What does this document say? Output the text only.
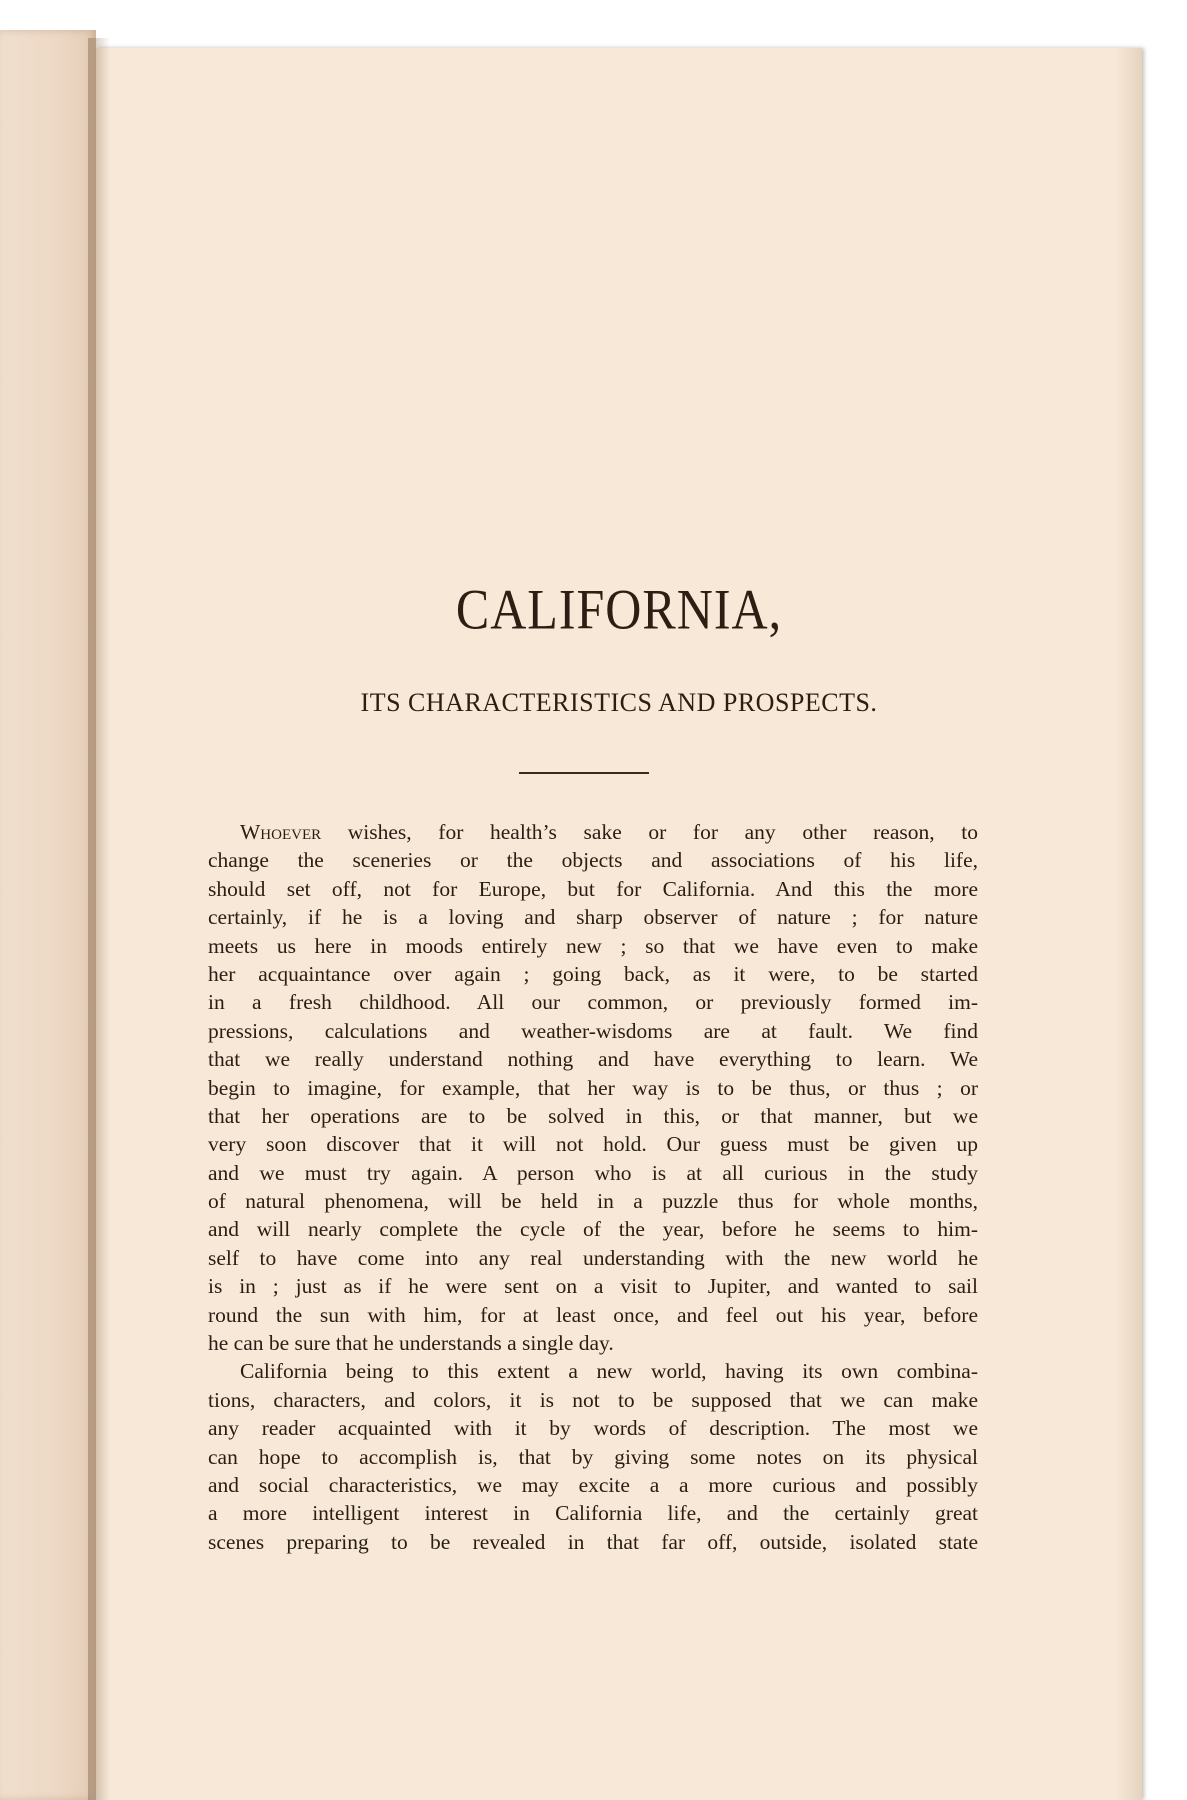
CALIFORNIA,
ITS CHARACTERISTICS AND PROSPECTS.
Whoever wishes, for health’s sake or for any other reason, to
change the sceneries or the objects and associations of his life,
should set off, not for Europe, but for California. And this the more
certainly, if he is a loving and sharp observer of nature ; for nature
meets us here in moods entirely new ; so that we have even to make
her acquaintance over again ; going back, as it were, to be started
in a fresh childhood. All our common, or previously formed im-
pressions, calculations and weather-wisdoms are at fault. We find
that we really understand nothing and have everything to learn. We
begin to imagine, for example, that her way is to be thus, or thus ; or
that her operations are to be solved in this, or that manner, but we
very soon discover that it will not hold. Our guess must be given up
and we must try again. A person who is at all curious in the study
of natural phenomena, will be held in a puzzle thus for whole months,
and will nearly complete the cycle of the year, before he seems to him-
self to have come into any real understanding with the new world he
is in ; just as if he were sent on a visit to Jupiter, and wanted to sail
round the sun with him, for at least once, and feel out his year, before
he can be sure that he understands a single day.
California being to this extent a new world, having its own combina-
tions, characters, and colors, it is not to be supposed that we can make
any reader acquainted with it by words of description. The most we
can hope to accomplish is, that by giving some notes on its physical
and social characteristics, we may excite a a more curious and possibly
a more intelligent interest in California life, and the certainly great
scenes preparing to be revealed in that far off, outside, isolated state
